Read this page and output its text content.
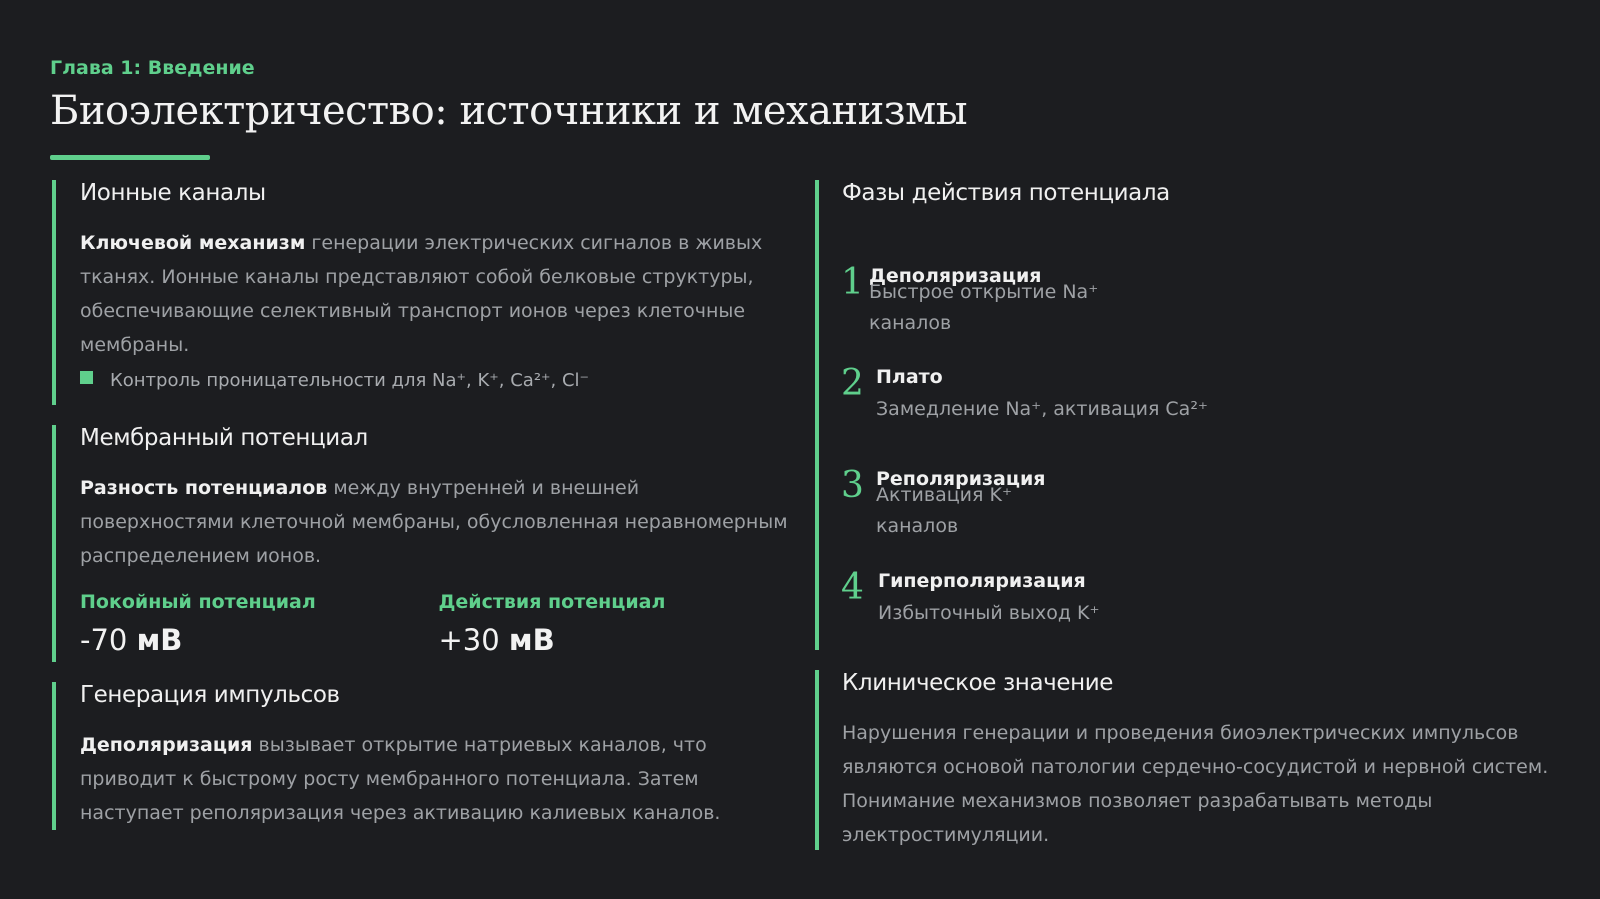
Глава 1: Введение
Биоэлектричество: источники и механизмы
Ионные каналы
Ключевой механизм генерации электрических сигналов в живых тканях. Ионные каналы представляют собой белковые структуры, обеспечивающие селективный транспорт ионов через клеточные мембраны.
Контроль проницательности для Na⁺, K⁺, Ca²⁺, Cl⁻
Мембранный потенциал
Разность потенциалов между внутренней и внешней поверхностями клеточной мембраны, обусловленная неравномерным распределением ионов.
Покойный потенциал
-70 мВ
Действия потенциал
+30 мВ
Генерация импульсов
Деполяризация вызывает открытие натриевых каналов, что приводит к быстрому росту мембранного потенциала. Затем наступает реполяризация через активацию калиевых каналов.
Фазы действия потенциала
1 Деполяризация
Быстрое открытие Na⁺
каналов
2 Плато
Замедление Na⁺, активация Ca²⁺
3 Реполяризация
Активация K⁺
каналов
4 Гиперполяризация
Избыточный выход K⁺
Клиническое значение
Нарушения генерации и проведения биоэлектрических импульсов являются основой патологии сердечно-сосудистой и нервной систем. Понимание механизмов позволяет разрабатывать методы электростимуляции.
